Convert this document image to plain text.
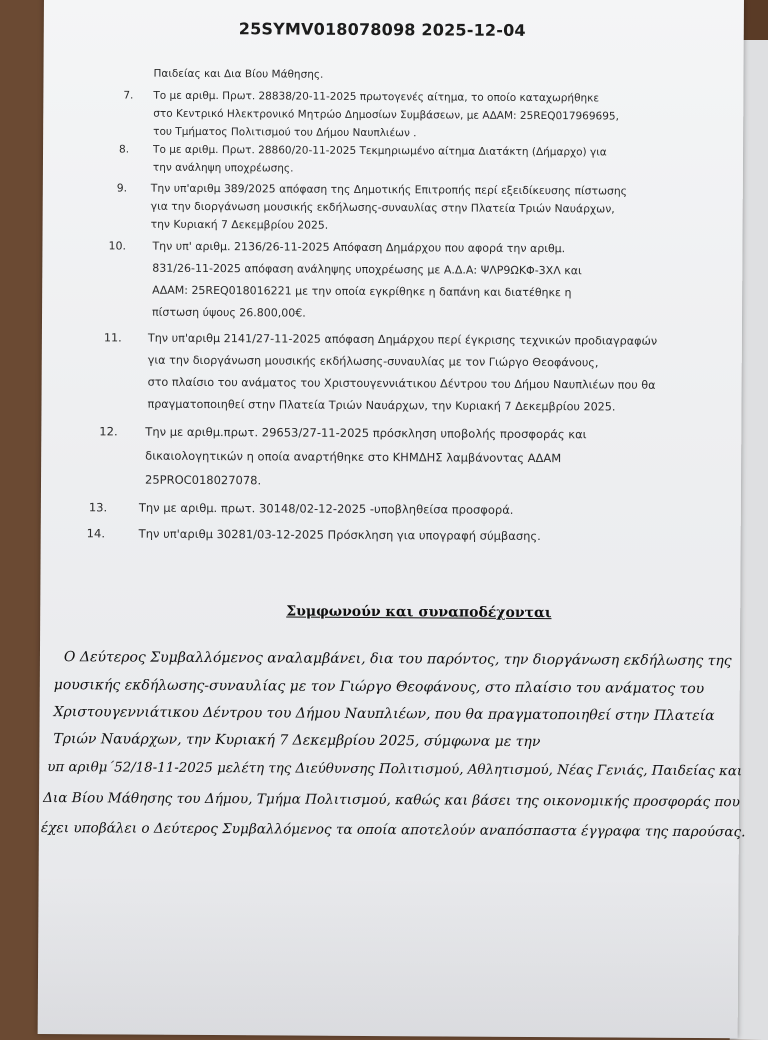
25SYMV018078098 2025-12-04
Παιδείας και Δια Βίου Μάθησης.
7. Το με αριθμ. Πρωτ. 28838/20-11-2025 πρωτογενές αίτημα, το οποίο καταχωρήθηκε
στο Κεντρικό Ηλεκτρονικό Μητρώο Δημοσίων Συμβάσεων, με ΑΔΑΜ: 25REQ017969695,
του Τμήματος Πολιτισμού του Δήμου Ναυπλιέων .
8. Το με αριθμ. Πρωτ. 28860/20-11-2025 Τεκμηριωμένο αίτημα Διατάκτη (Δήμαρχο) για
την ανάληψη υποχρέωσης.
9. Την υπ'αριθμ 389/2025 απόφαση της Δημοτικής Επιτροπής περί εξειδίκευσης πίστωσης
για την διοργάνωση μουσικής εκδήλωσης-συναυλίας στην Πλατεία Τριών Ναυάρχων,
την Κυριακή 7 Δεκεμβρίου 2025.
10. Την υπ' αριθμ. 2136/26-11-2025 Απόφαση Δημάρχου που αφορά την αριθμ.
831/26-11-2025 απόφαση ανάληψης υποχρέωσης με Α.Δ.Α: ΨΛΡ9ΩΚΦ-3ΧΛ και
ΑΔΑΜ: 25REQ018016221 με την οποία εγκρίθηκε η δαπάνη και διατέθηκε η
πίστωση ύψους 26.800,00€.
11. Την υπ'αριθμ 2141/27-11-2025 απόφαση Δημάρχου περί έγκρισης τεχνικών προδιαγραφών
για την διοργάνωση μουσικής εκδήλωσης-συναυλίας με τον Γιώργο Θεοφάνους,
στο πλαίσιο του ανάματος του Χριστουγεννιάτικου Δέντρου του Δήμου Ναυπλιέων που θα
πραγματοποιηθεί στην Πλατεία Τριών Ναυάρχων, την Κυριακή 7 Δεκεμβρίου 2025.
12. Την με αριθμ.πρωτ. 29653/27-11-2025 πρόσκληση υποβολής προσφοράς και
δικαιολογητικών η οποία αναρτήθηκε στο ΚΗΜΔΗΣ λαμβάνοντας ΑΔΑΜ
25PROC018027078.
13.	Την με αριθμ. πρωτ. 30148/02-12-2025 -υποβληθείσα προσφορά.
14.	Την υπ'αριθμ 30281/03-12-2025 Πρόσκληση για υπογραφή σύμβασης.
Συμφωνούν και συναποδέχονται
Ο Δεύτερος Συμβαλλόμενος αναλαμβάνει, δια του παρόντος, την διοργάνωση εκδήλωσης της
μουσικής εκδήλωσης-συναυλίας με τον Γιώργο Θεοφάνους, στο πλαίσιο του ανάματος του
Χριστουγεννιάτικου Δέντρου του Δήμου Ναυπλιέων, που θα πραγματοποιηθεί στην Πλατεία
Τριών Ναυάρχων, την Κυριακή 7 Δεκεμβρίου 2025, σύμφωνα με την
υπ αριθμ΄52/18-11-2025 μελέτη της Διεύθυνσης Πολιτισμού, Αθλητισμού, Νέας Γενιάς, Παιδείας και
Δια Βίου Μάθησης του Δήμου, Τμήμα Πολιτισμού, καθώς και βάσει της οικονομικής προσφοράς που
έχει υποβάλει ο Δεύτερος Συμβαλλόμενος τα οποία αποτελούν αναπόσπαστα έγγραφα της παρούσας.
